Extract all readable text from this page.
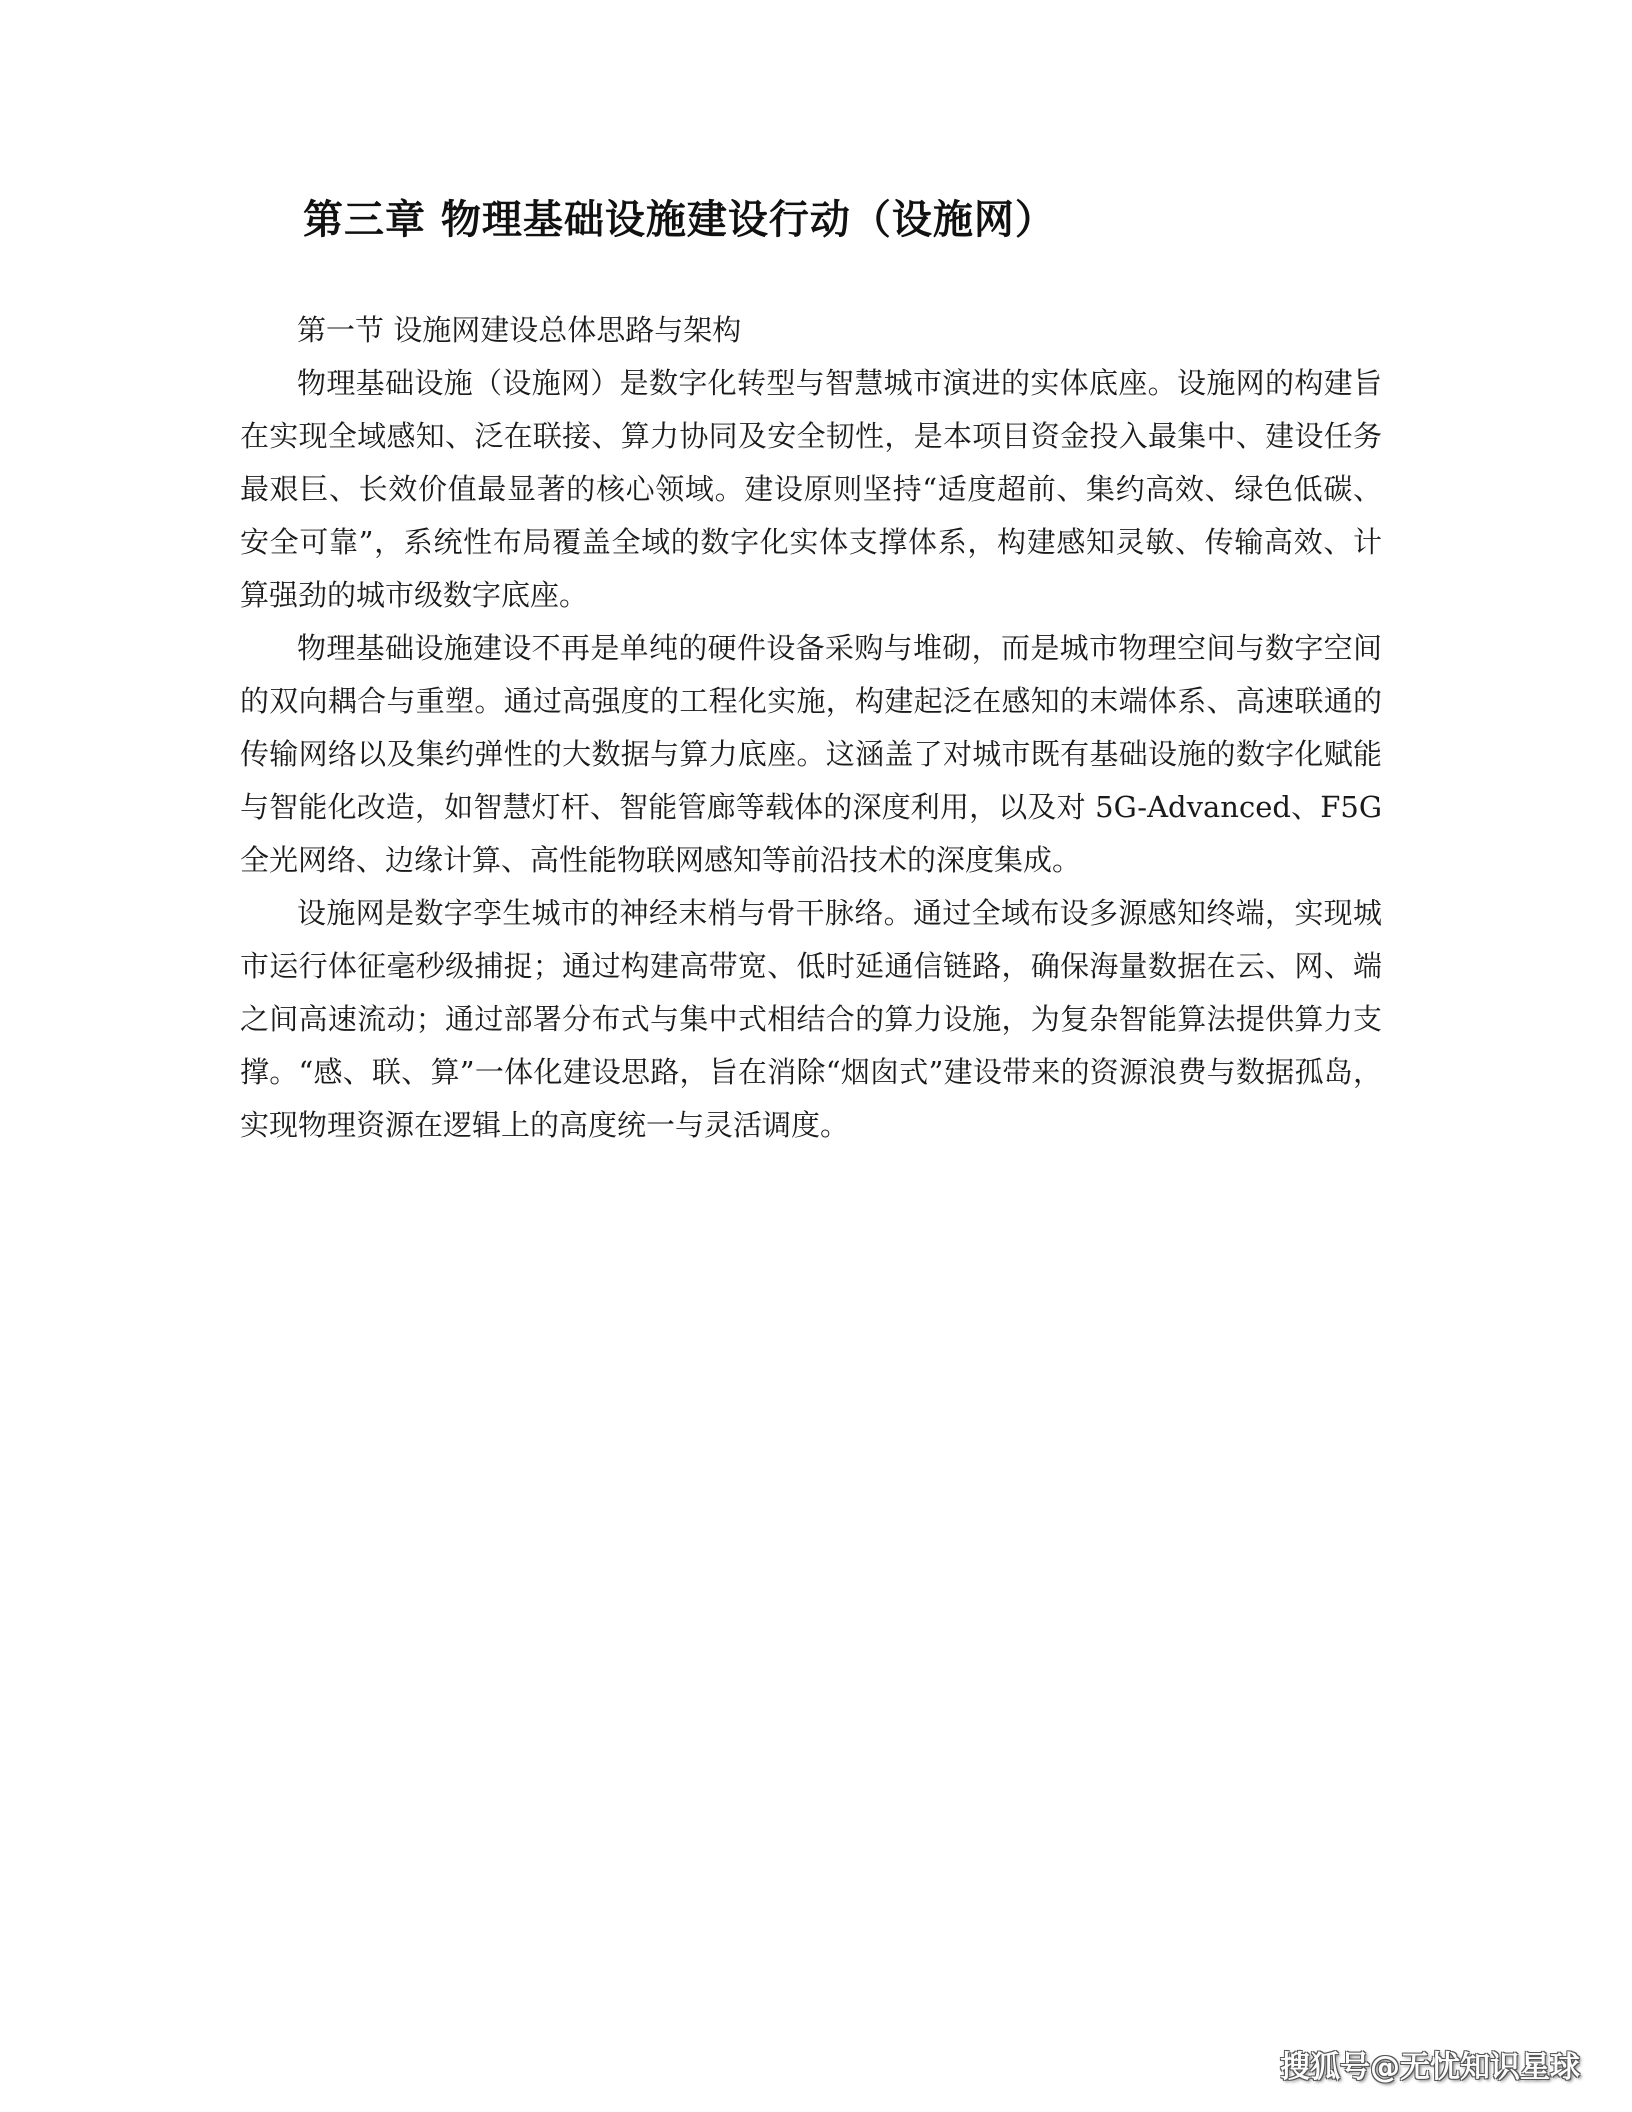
第三章 物理基础设施建设行动（设施网）

第一节 设施网建设总体思路与架构

物理基础设施（设施网）是数字化转型与智慧城市演进的实体底座。设施网的构建旨在实现全域感知、泛在联接、算力协同及安全韧性，是本项目资金投入最集中、建设任务最艰巨、长效价值最显著的核心领域。建设原则坚持“适度超前、集约高效、绿色低碳、安全可靠”，系统性布局覆盖全域的数字化实体支撑体系，构建感知灵敏、传输高效、计算强劲的城市级数字底座。

物理基础设施建设不再是单纯的硬件设备采购与堆砌，而是城市物理空间与数字空间的双向耦合与重塑。通过高强度的工程化实施，构建起泛在感知的末端体系、高速联通的传输网络以及集约弹性的大数据与算力底座。这涵盖了对城市既有基础设施的数字化赋能与智能化改造，如智慧灯杆、智能管廊等载体的深度利用，以及对 5G-Advanced、F5G 全光网络、边缘计算、高性能物联网感知等前沿技术的深度集成。

设施网是数字孪生城市的神经末梢与骨干脉络。通过全域布设多源感知终端，实现城市运行体征毫秒级捕捉；通过构建高带宽、低时延通信链路，确保海量数据在云、网、端之间高速流动；通过部署分布式与集中式相结合的算力设施，为复杂智能算法提供算力支撑。“感、联、算”一体化建设思路，旨在消除“烟囱式”建设带来的资源浪费与数据孤岛，实现物理资源在逻辑上的高度统一与灵活调度。

搜狐号@无忧知识星球
